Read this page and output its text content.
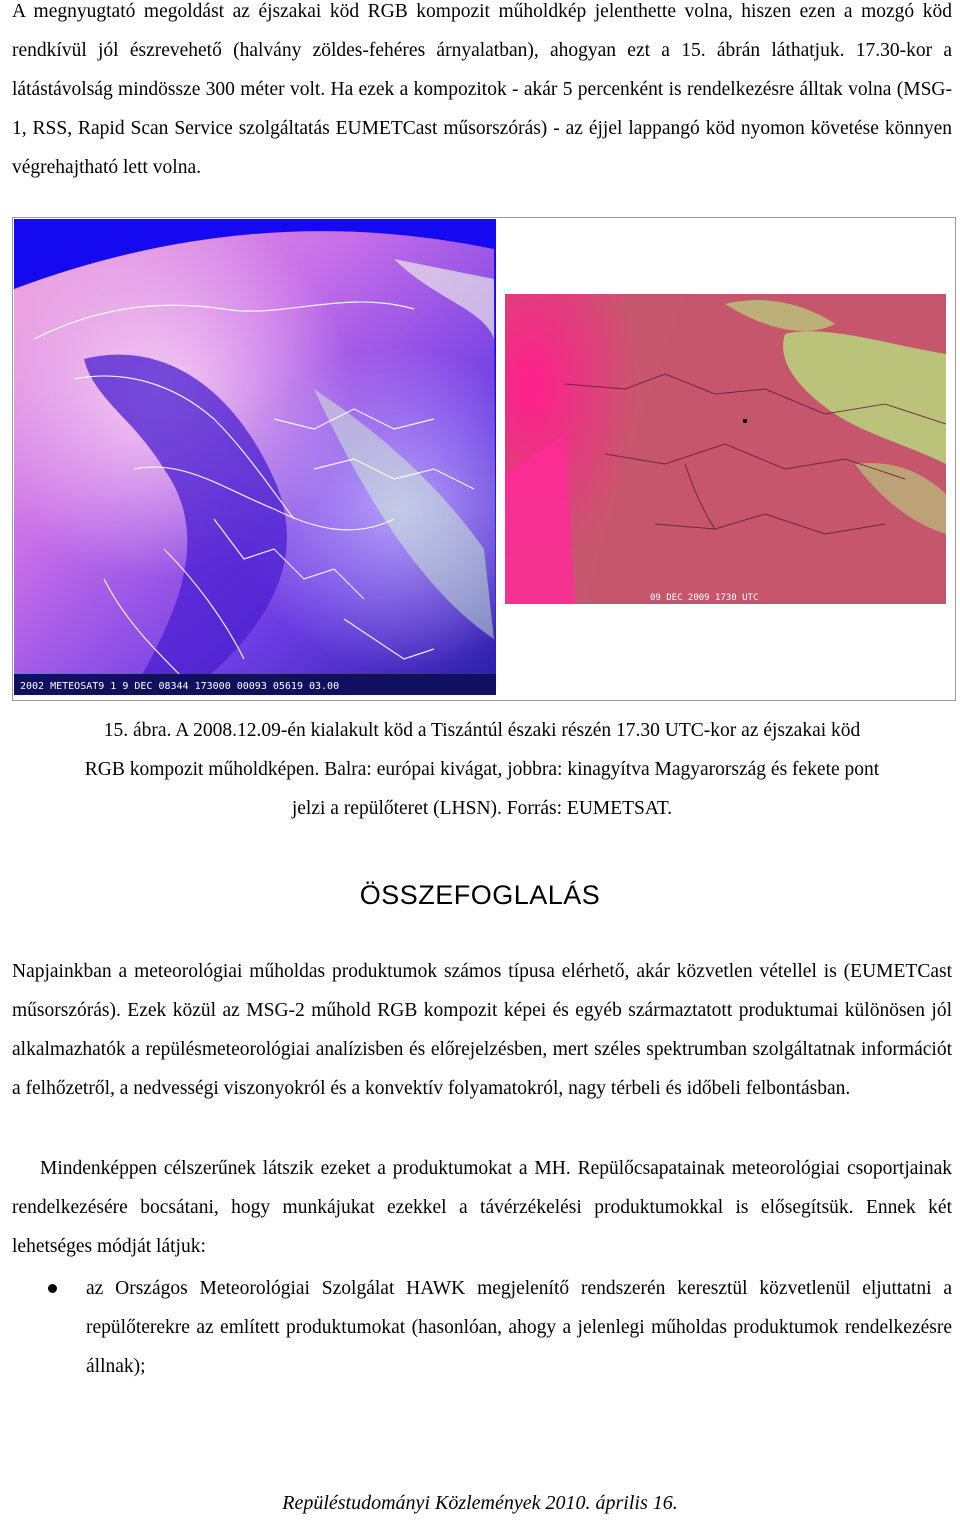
A megnyugtató megoldást az éjszakai köd RGB kompozit műholdkép jelenthette volna, hiszen ezen a mozgó köd rendkívül jól észrevehető (halvány zöldes-fehéres árnyalatban), ahogyan ezt a 15. ábrán láthatjuk. 17.30-kor a látástávolság mindössze 300 méter volt. Ha ezek a kompozitok - akár 5 percenként is rendelkezésre álltak volna (MSG-1, RSS, Rapid Scan Service szolgáltatás EUMETCast műsorszórás) - az éjjel lappangó köd nyomon követése könnyen végrehajtható lett volna.

2002 METEOSAT9 1 9 DEC 08344 173000 00093 05619 03.00
09 DEC 2009 1730 UTC
15. ábra. A 2008.12.09-én kialakult köd a Tiszántúl északi részén 17.30 UTC-kor az éjszakai köd
RGB kompozit műholdképen. Balra: európai kivágat, jobbra: kinagyítva Magyarország és fekete pont
jelzi a repülőteret (LHSN). Forrás: EUMETSAT.
ÖSSZEFOGLALÁS

Napjainkban a meteorológiai műholdas produktumok számos típusa elérhető, akár közvetlen vétellel is (EUMETCast műsorszórás). Ezek közül az MSG-2 műhold RGB kompozit képei és egyéb származtatott produktumai különösen jól alkalmazhatók a repülésmeteorológiai analízisben és előrejelzésben, mert széles spektrumban szolgáltatnak információt a felhőzetről, a nedvességi viszonyokról és a konvektív folyamatokról, nagy térbeli és időbeli felbontásban.

Mindenképpen célszerűnek látszik ezeket a produktumokat a MH. Repülőcsapatainak meteorológiai csoportjainak rendelkezésére bocsátani, hogy munkájukat ezekkel a távérzékelési produktumokkal is elősegítsük. Ennek két lehetséges módját látjuk:

az Országos Meteorológiai Szolgálat HAWK megjelenítő rendszerén keresztül közvetlenül eljuttatni a repülőterekre az említett produktumokat (hasonlóan, ahogy a jelenlegi műholdas produktumok rendelkezésre állnak);
Repüléstudományi Közlemények 2010. április 16.
